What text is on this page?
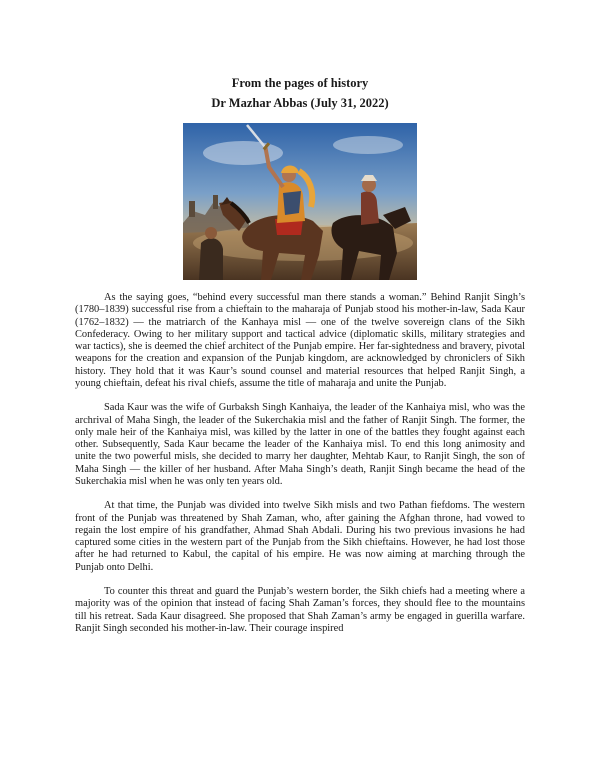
From the pages of history
Dr Mazhar Abbas (July 31, 2022)

As the saying goes, “behind every successful man there stands a woman.” Behind Ranjit Singh’s (1780–1839) successful rise from a chieftain to the maharaja of Punjab stood his mother-in-law, Sada Kaur (1762–1832) — the matriarch of the Kanhaya misl — one of the twelve sovereign clans of the Sikh Confederacy. Owing to her military support and tactical advice (diplomatic skills, military strategies and war tactics), she is deemed the chief architect of the Punjab empire. Her far-sightedness and bravery, pivotal weapons for the creation and expansion of the Punjab kingdom, are acknowledged by chroniclers of Sikh history. They hold that it was Kaur’s sound counsel and material resources that helped Ranjit Singh, a young chieftain, defeat his rival chiefs, assume the title of maharaja and unite the Punjab.

Sada Kaur was the wife of Gurbaksh Singh Kanhaiya, the leader of the Kanhaiya misl, who was the archrival of Maha Singh, the leader of the Sukerchakia misl and the father of Ranjit Singh. The former, the only male heir of the Kanhaiya misl, was killed by the latter in one of the battles they fought against each other. Subsequently, Sada Kaur became the leader of the Kanhaiya misl. To end this long animosity and unite the two powerful misls, she decided to marry her daughter, Mehtab Kaur, to Ranjit Singh, the son of Maha Singh — the killer of her husband. After Maha Singh’s death, Ranjit Singh became the head of the Sukerchakia misl when he was only ten years old.

At that time, the Punjab was divided into twelve Sikh misls and two Pathan fiefdoms. The western front of the Punjab was threatened by Shah Zaman, who, after gaining the Afghan throne, had vowed to regain the lost empire of his grandfather, Ahmad Shah Abdali. During his two previous invasions he had captured some cities in the western part of the Punjab from the Sikh chieftains. However, he had lost those after he had returned to Kabul, the capital of his empire. He was now aiming at marching through the Punjab onto Delhi.

To counter this threat and guard the Punjab’s western border, the Sikh chiefs had a meeting where a majority was of the opinion that instead of facing Shah Zaman’s forces, they should flee to the mountains till his retreat. Sada Kaur disagreed. She proposed that Shah Zaman’s army be engaged in guerilla warfare. Ranjit Singh seconded his mother-in-law. Their courage inspired
